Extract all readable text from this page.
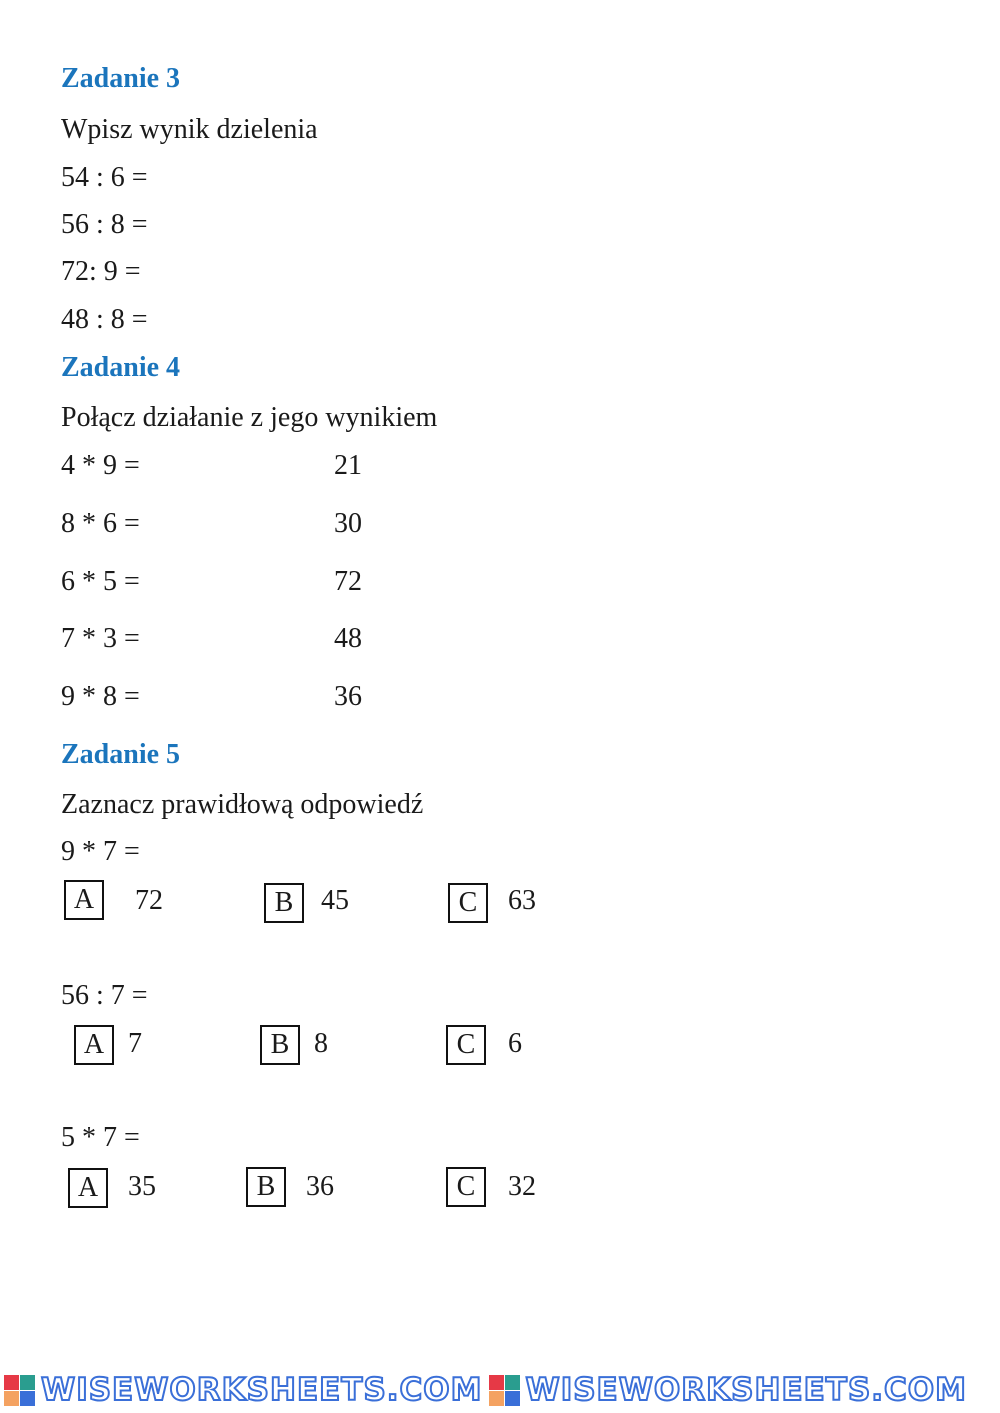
Zadanie 3
Wpisz wynik dzielenia
54 : 6 =
56 : 8 =
72: 9 =
48 : 8 =
Zadanie 4
Połącz działanie z jego wynikiem
4 * 9 =	21
8 * 6 =	30
6 * 5 =	72
7 * 3 =	48
9 * 8 =	36
Zadanie 5
Zaznacz prawidłową odpowiedź
9 * 7 =
A	72	B 45	C	63
56 : 7 =
A 7	B 8	C	6
5 * 7 =
A	35	B	36	C	32
WISEWORKSHEETS.COM WISEWORKSHEETS.COM
